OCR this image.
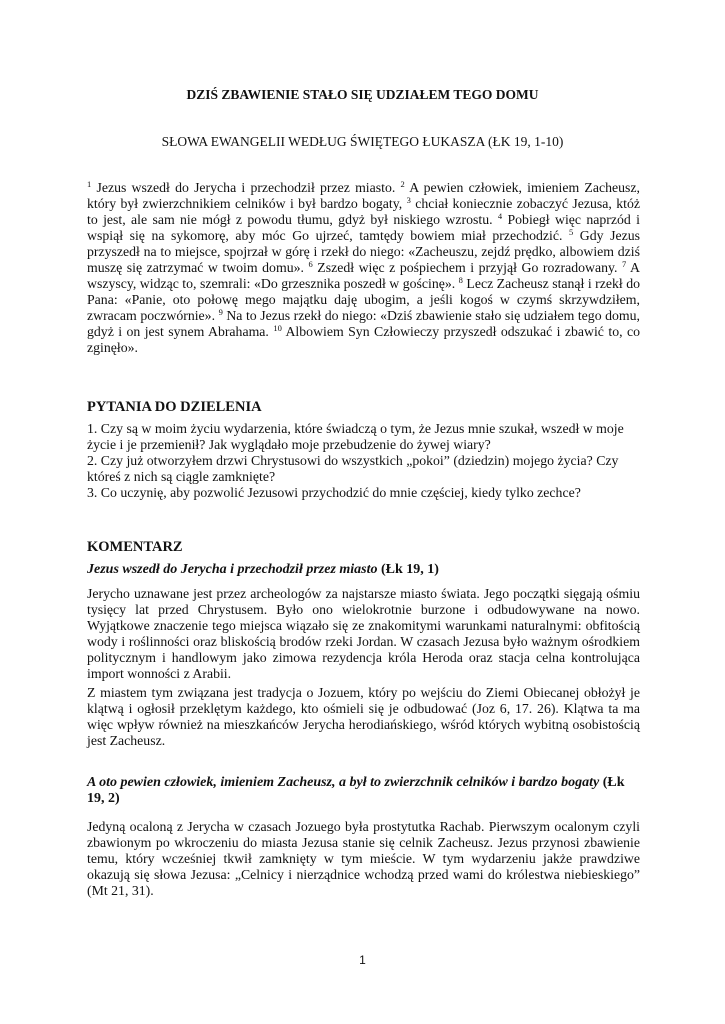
DZIŚ ZBAWIENIE STAŁO SIĘ UDZIAŁEM TEGO DOMU
SŁOWA EWANGELII WEDŁUG ŚWIĘTEGO ŁUKASZA (ŁK 19, 1-10)
$^1$ Jezus wszedł do Jerycha i przechodził przez miasto. $^2$ A pewien człowiek, imieniem Zacheusz, który był zwierzchnikiem celników i był bardzo bogaty, $^3$ chciał koniecznie zobaczyć Jezusa, któż to jest, ale sam nie mógł z powodu tłumu, gdyż był niskiego wzrostu. $^4$ Pobiegł więc naprzód i wspiął się na sykomorę, aby móc Go ujrzeć, tamtędy bowiem miał przechodzić. $^5$ Gdy Jezus przyszedł na to miejsce, spojrzał w górę i rzekł do niego: «Zacheuszu, zejdź prędko, albowiem dziś muszę się zatrzymać w twoim domu». $^6$ Zszedł więc z pośpiechem i przyjął Go rozradowany. $^7$ A wszyscy, widząc to, szemrali: «Do grzesznika poszedł w gościnę». $^8$ Lecz Zacheusz stanął i rzekł do Pana: «Panie, oto połowę mego majątku daję ubogim, a jeśli kogoś w czymś skrzywdziłem, zwracam poczwórnie». $^9$ Na to Jezus rzekł do niego: «Dziś zbawienie stało się udziałem tego domu, gdyż i on jest synem Abrahama. $^{10}$ Albowiem Syn Człowieczy przyszedł odszukać i zbawić to, co zginęło».
PYTANIA DO DZIELENIA

1. Czy są w moim życiu wydarzenia, które świadczą o tym, że Jezus mnie szukał, wszedł w moje życie i je przemienił? Jak wyglądało moje przebudzenie do żywej wiary?

2. Czy już otworzyłem drzwi Chrystusowi do wszystkich „pokoi” (dziedzin) mojego życia? Czy któreś z nich są ciągle zamknięte?

3. Co uczynię, aby pozwolić Jezusowi przychodzić do mnie częściej, kiedy tylko zechce?

KOMENTARZ
Jezus wszedł do Jerycha i przechodził przez miasto (Łk 19, 1)
Jerycho uznawane jest przez archeologów za najstarsze miasto świata. Jego początki sięgają ośmiu tysięcy lat przed Chrystusem. Było ono wielokrotnie burzone i odbudowywane na nowo. Wyjątkowe znaczenie tego miejsca wiązało się ze znakomitymi warunkami naturalnymi: obfitością wody i roślinności oraz bliskością brodów rzeki Jordan. W czasach Jezusa było ważnym ośrodkiem politycznym i handlowym jako zimowa rezydencja króla Heroda oraz stacja celna kontrolująca import wonności z Arabii.
Z miastem tym związana jest tradycja o Jozuem, który po wejściu do Ziemi Obiecanej obłożył je klątwą i ogłosił przeklętym każdego, kto ośmieli się je odbudować (Joz 6, 17. 26). Klątwa ta ma więc wpływ również na mieszkańców Jerycha herodiańskiego, wśród których wybitną osobistością jest Zacheusz.
A oto pewien człowiek, imieniem Zacheusz, a był to zwierzchnik celników i bardzo bogaty (Łk 19, 2)
Jedyną ocaloną z Jerycha w czasach Jozuego była prostytutka Rachab. Pierwszym ocalonym czyli zbawionym po wkroczeniu do miasta Jezusa stanie się celnik Zacheusz. Jezus przynosi zbawienie temu, który wcześniej tkwił zamknięty w tym mieście. W tym wydarzeniu jakże prawdziwe okazują się słowa Jezusa: „Celnicy i nierządnice wchodzą przed wami do królestwa niebieskiego” (Mt 21, 31).
1
